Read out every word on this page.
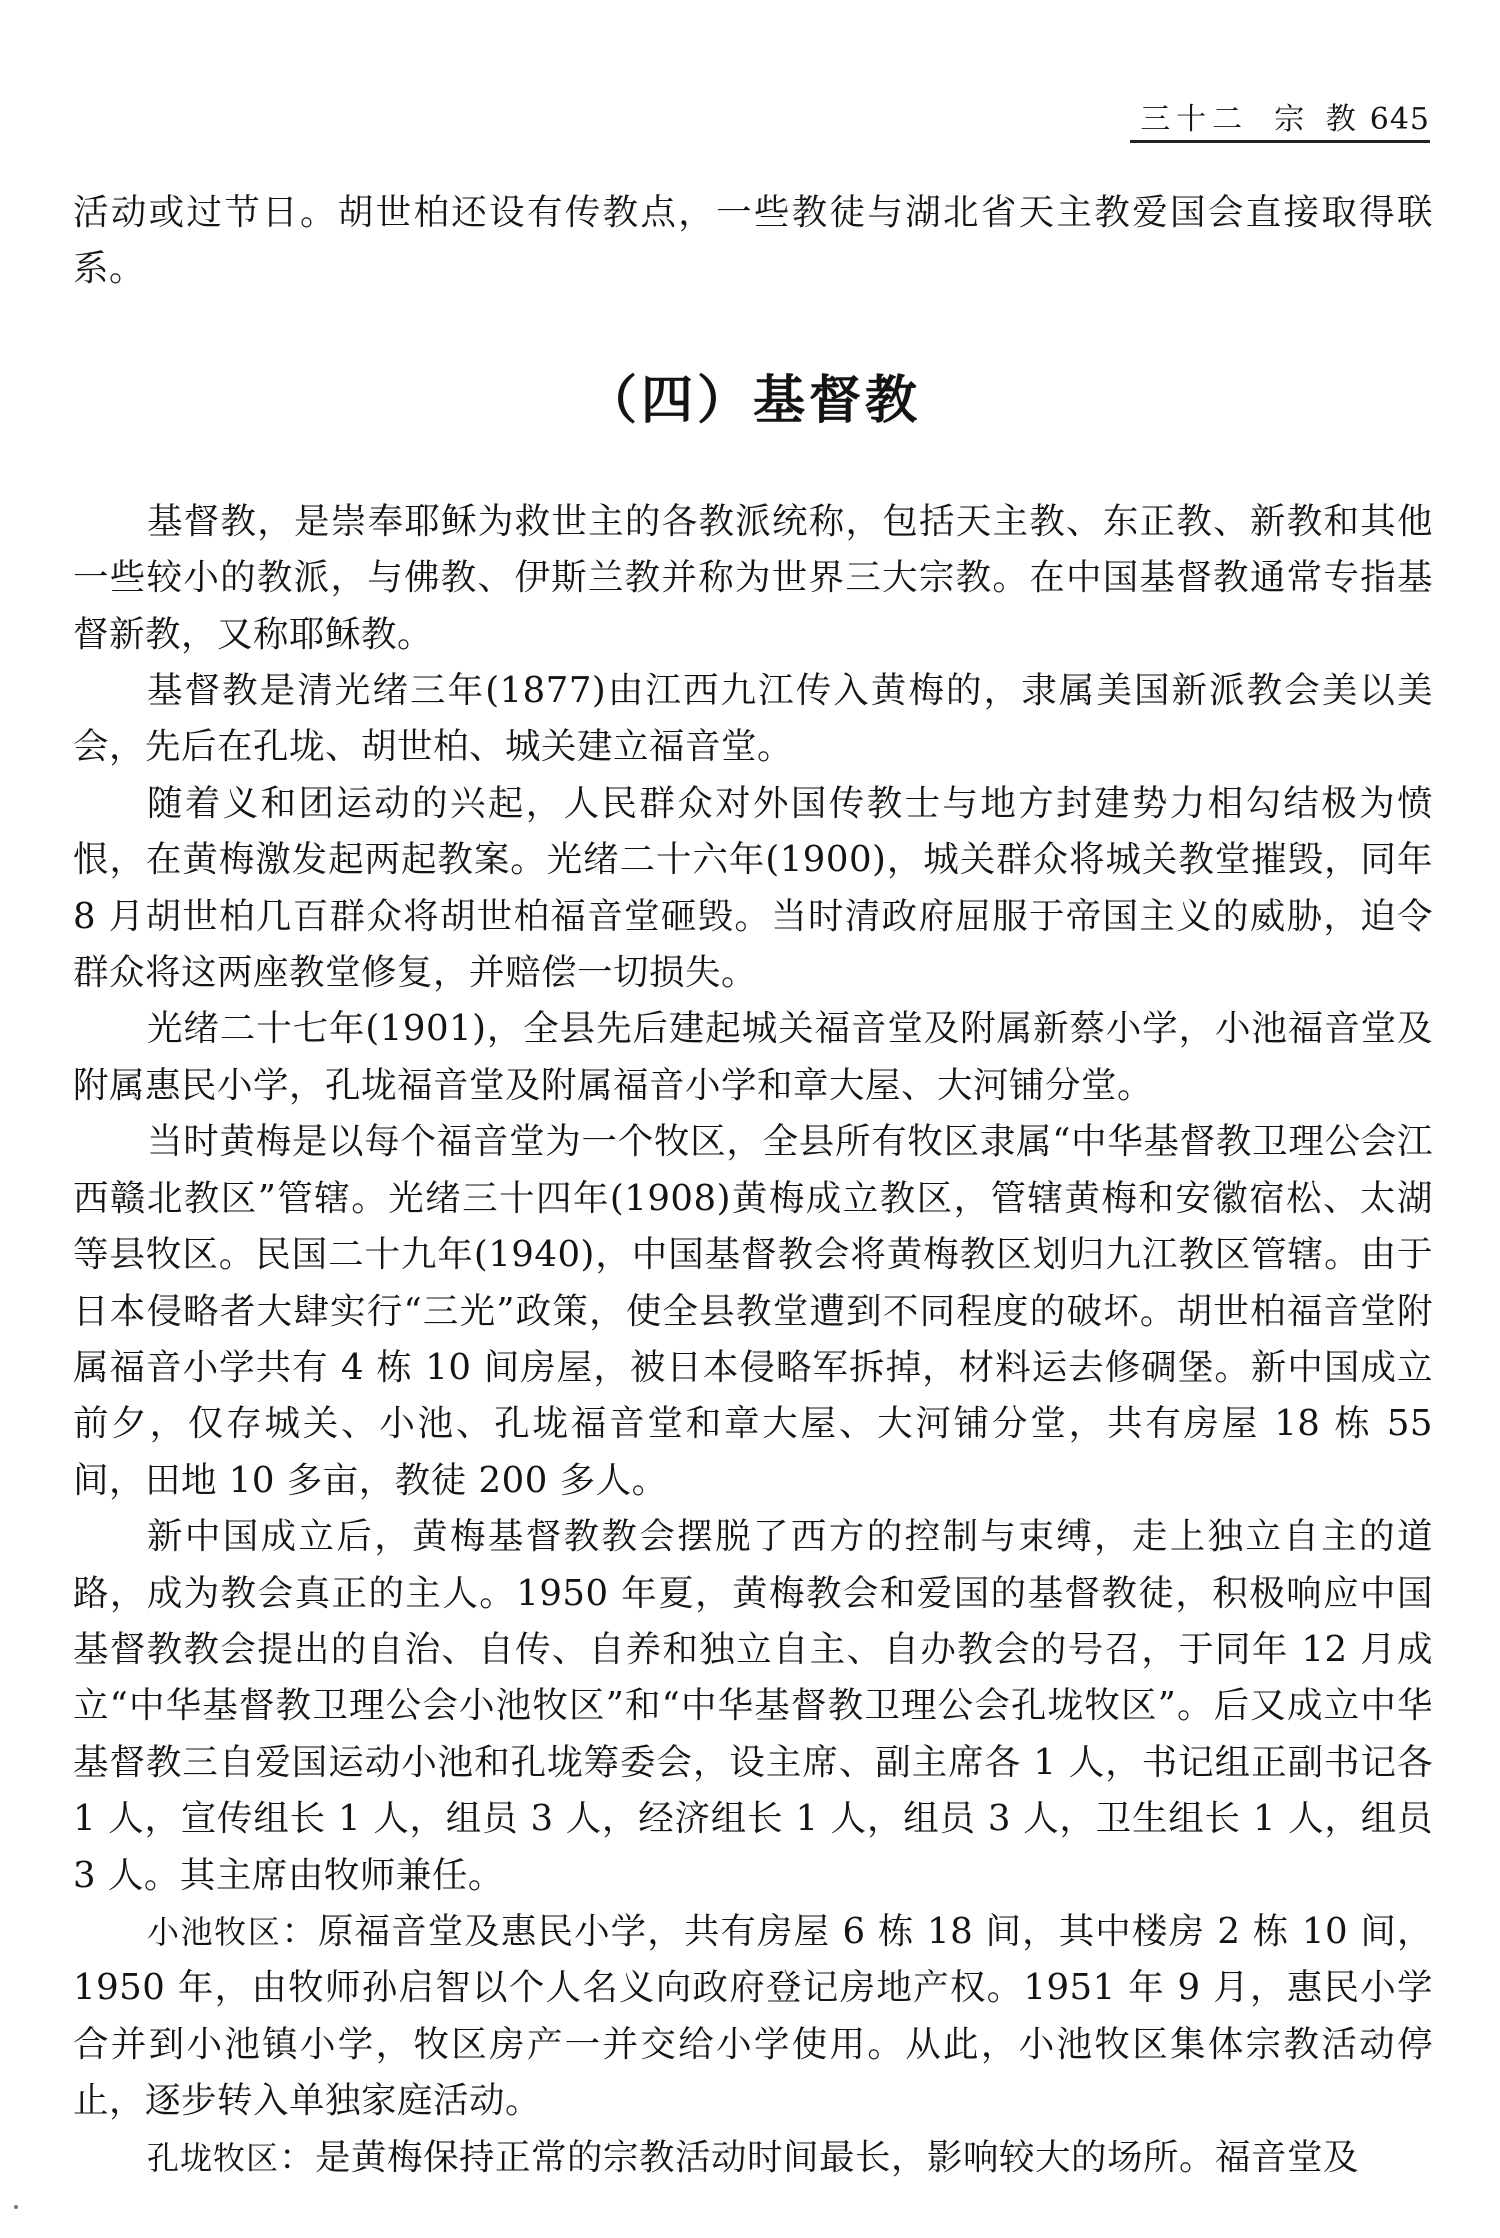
三十二 宗 教 645

活动或过节日。胡世柏还设有传教点，一些教徒与湖北省天主教爱国会直接取得联系。

（四）基督教

基督教，是崇奉耶稣为救世主的各教派统称，包括天主教、东正教、新教和其他一些较小的教派，与佛教、伊斯兰教并称为世界三大宗教。在中国基督教通常专指基督新教，又称耶稣教。

基督教是清光绪三年(1877)由江西九江传入黄梅的，隶属美国新派教会美以美会，先后在孔垅、胡世柏、城关建立福音堂。

随着义和团运动的兴起，人民群众对外国传教士与地方封建势力相勾结极为愤恨，在黄梅激发起两起教案。光绪二十六年(1900)，城关群众将城关教堂摧毁，同年 8 月胡世柏几百群众将胡世柏福音堂砸毁。当时清政府屈服于帝国主义的威胁，迫令群众将这两座教堂修复，并赔偿一切损失。

光绪二十七年(1901)，全县先后建起城关福音堂及附属新蔡小学，小池福音堂及附属惠民小学，孔垅福音堂及附属福音小学和章大屋、大河铺分堂。

当时黄梅是以每个福音堂为一个牧区，全县所有牧区隶属“中华基督教卫理公会江西赣北教区”管辖。光绪三十四年(1908)黄梅成立教区，管辖黄梅和安徽宿松、太湖等县牧区。民国二十九年(1940)，中国基督教会将黄梅教区划归九江教区管辖。由于日本侵略者大肆实行“三光”政策，使全县教堂遭到不同程度的破坏。胡世柏福音堂附属福音小学共有 4 栋 10 间房屋，被日本侵略军拆掉，材料运去修碉堡。新中国成立前夕，仅存城关、小池、孔垅福音堂和章大屋、大河铺分堂，共有房屋 18 栋 55 间，田地 10 多亩，教徒 200 多人。

新中国成立后，黄梅基督教教会摆脱了西方的控制与束缚，走上独立自主的道路，成为教会真正的主人。1950 年夏，黄梅教会和爱国的基督教徒，积极响应中国基督教教会提出的自治、自传、自养和独立自主、自办教会的号召，于同年 12 月成立“中华基督教卫理公会小池牧区”和“中华基督教卫理公会孔垅牧区”。后又成立中华基督教三自爱国运动小池和孔垅筹委会，设主席、副主席各 1 人，书记组正副书记各 1 人，宣传组长 1 人，组员 3 人，经济组长 1 人，组员 3 人，卫生组长 1 人，组员 3 人。其主席由牧师兼任。

小池牧区：原福音堂及惠民小学，共有房屋 6 栋 18 间，其中楼房 2 栋 10 间，1950 年，由牧师孙启智以个人名义向政府登记房地产权。1951 年 9 月，惠民小学合并到小池镇小学，牧区房产一并交给小学使用。从此，小池牧区集体宗教活动停止，逐步转入单独家庭活动。

孔垅牧区：是黄梅保持正常的宗教活动时间最长，影响较大的场所。福音堂及
